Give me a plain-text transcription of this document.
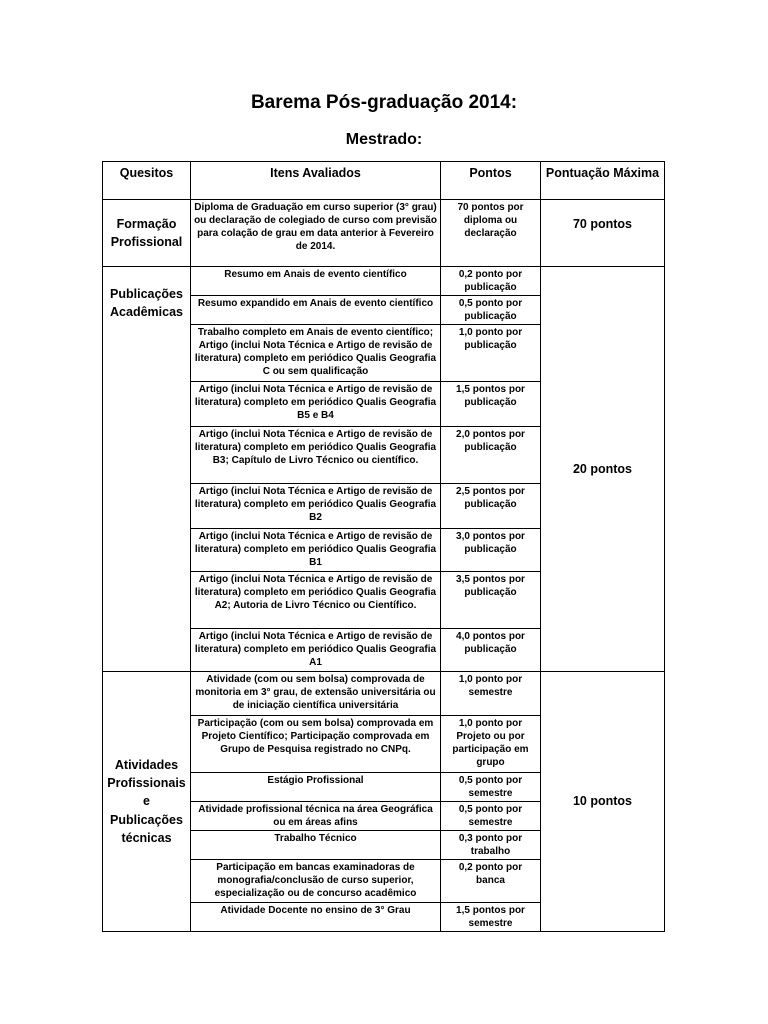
Barema Pós-graduação 2014:
Mestrado:
Quesitos	Itens Avaliados	Pontos	Pontuação Máxima
Formação Profissional	Diploma de Graduação em curso superior (3° grau) ou declaração de colegiado de curso com previsão para colação de grau em data anterior à Fevereiro de 2014.	70 pontos por diploma ou declaração	70 pontos
Publicações Acadêmicas	Resumo em Anais de evento científico	0,2 ponto por publicação	20 pontos
	Resumo expandido em Anais de evento científico	0,5 ponto por publicação	
	Trabalho completo em Anais de evento científico; Artigo (inclui Nota Técnica e Artigo de revisão de literatura) completo em periódico Qualis Geografia C ou sem qualificação	1,0 ponto por publicação	
	Artigo (inclui Nota Técnica e Artigo de revisão de literatura) completo em periódico Qualis Geografia B5 e B4	1,5 pontos por publicação	
	Artigo (inclui Nota Técnica e Artigo de revisão de literatura) completo em periódico Qualis Geografia B3; Capítulo de Livro Técnico ou científico.	2,0 pontos por publicação	
	Artigo (inclui Nota Técnica e Artigo de revisão de literatura) completo em periódico Qualis Geografia B2	2,5 pontos por publicação	
	Artigo (inclui Nota Técnica e Artigo de revisão de literatura) completo em periódico Qualis Geografia B1	3,0 pontos por publicação	
	Artigo (inclui Nota Técnica e Artigo de revisão de literatura) completo em periódico Qualis Geografia A2; Autoria de Livro Técnico ou Científico.	3,5 pontos por publicação	
	Artigo (inclui Nota Técnica e Artigo de revisão de literatura) completo em periódico Qualis Geografia A1	4,0 pontos por publicação	
Atividades Profissionais e Publicações técnicas	Atividade (com ou sem bolsa) comprovada de monitoria em 3° grau, de extensão universitária ou de iniciação científica universitária	1,0 ponto por semestre	10 pontos
	Participação (com ou sem bolsa) comprovada em Projeto Científico; Participação comprovada em Grupo de Pesquisa registrado no CNPq.	1,0 ponto por Projeto ou por participação em grupo	
	Estágio Profissional	0,5 ponto por semestre	
	Atividade profissional técnica na área Geográfica ou em áreas afins	0,5 ponto por semestre	
	Trabalho Técnico	0,3 ponto por trabalho	
	Participação em bancas examinadoras de monografia/conclusão de curso superior, especialização ou de concurso acadêmico	0,2 ponto por banca	
	Atividade Docente no ensino de 3° Grau	1,5 pontos por semestre	
